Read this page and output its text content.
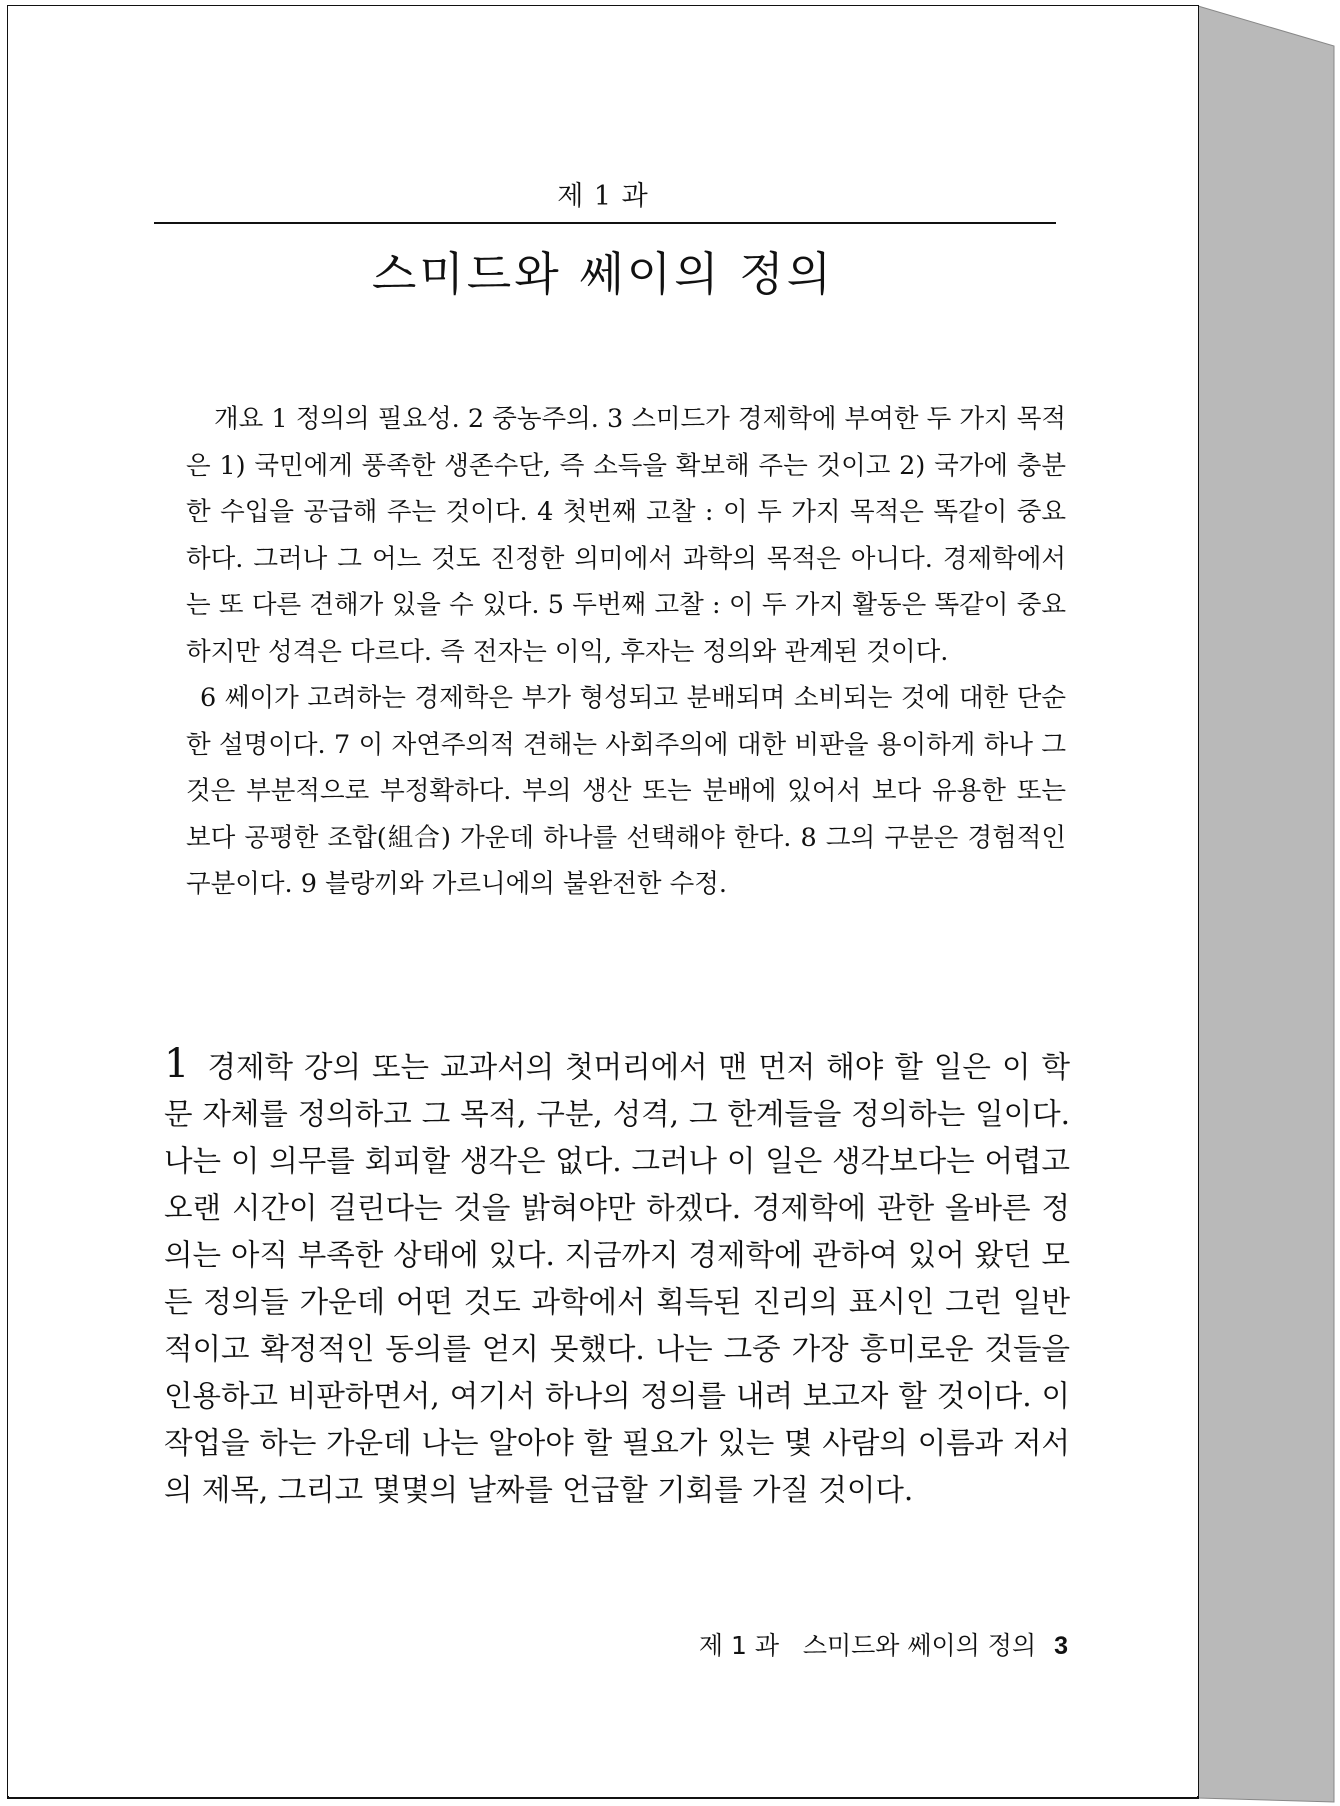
제 1 과
스미드와 쎄이의 정의

개요 1 정의의 필요성. 2 중농주의. 3 스미드가 경제학에 부여한 두 가지 목적은 1) 국민에게 풍족한 생존수단, 즉 소득을 확보해 주는 것이고 2) 국가에 충분한 수입을 공급해 주는 것이다. 4 첫번째 고찰 : 이 두 가지 목적은 똑같이 중요하다. 그러나 그 어느 것도 진정한 의미에서 과학의 목적은 아니다. 경제학에서는 또 다른 견해가 있을 수 있다. 5 두번째 고찰 : 이 두 가지 활동은 똑같이 중요하지만 성격은 다르다. 즉 전자는 이익, 후자는 정의와 관계된 것이다.

6 쎄이가 고려하는 경제학은 부가 형성되고 분배되며 소비되는 것에 대한 단순한 설명이다. 7 이 자연주의적 견해는 사회주의에 대한 비판을 용이하게 하나 그것은 부분적으로 부정확하다. 부의 생산 또는 분배에 있어서 보다 유용한 또는 보다 공평한 조합(組合) 가운데 하나를 선택해야 한다. 8 그의 구분은 경험적인 구분이다. 9 블랑끼와 가르니에의 불완전한 수정.

1 경제학 강의 또는 교과서의 첫머리에서 맨 먼저 해야 할 일은 이 학문 자체를 정의하고 그 목적, 구분, 성격, 그 한계들을 정의하는 일이다. 나는 이 의무를 회피할 생각은 없다. 그러나 이 일은 생각보다는 어렵고 오랜 시간이 걸린다는 것을 밝혀야만 하겠다. 경제학에 관한 올바른 정의는 아직 부족한 상태에 있다. 지금까지 경제학에 관하여 있어 왔던 모든 정의들 가운데 어떤 것도 과학에서 획득된 진리의 표시인 그런 일반적이고 확정적인 동의를 얻지 못했다. 나는 그중 가장 흥미로운 것들을 인용하고 비판하면서, 여기서 하나의 정의를 내려 보고자 할 것이다. 이 작업을 하는 가운데 나는 알아야 할 필요가 있는 몇 사람의 이름과 저서의 제목, 그리고 몇몇의 날짜를 언급할 기회를 가질 것이다.

제 1 과   스미드와 쎄이의 정의 3
